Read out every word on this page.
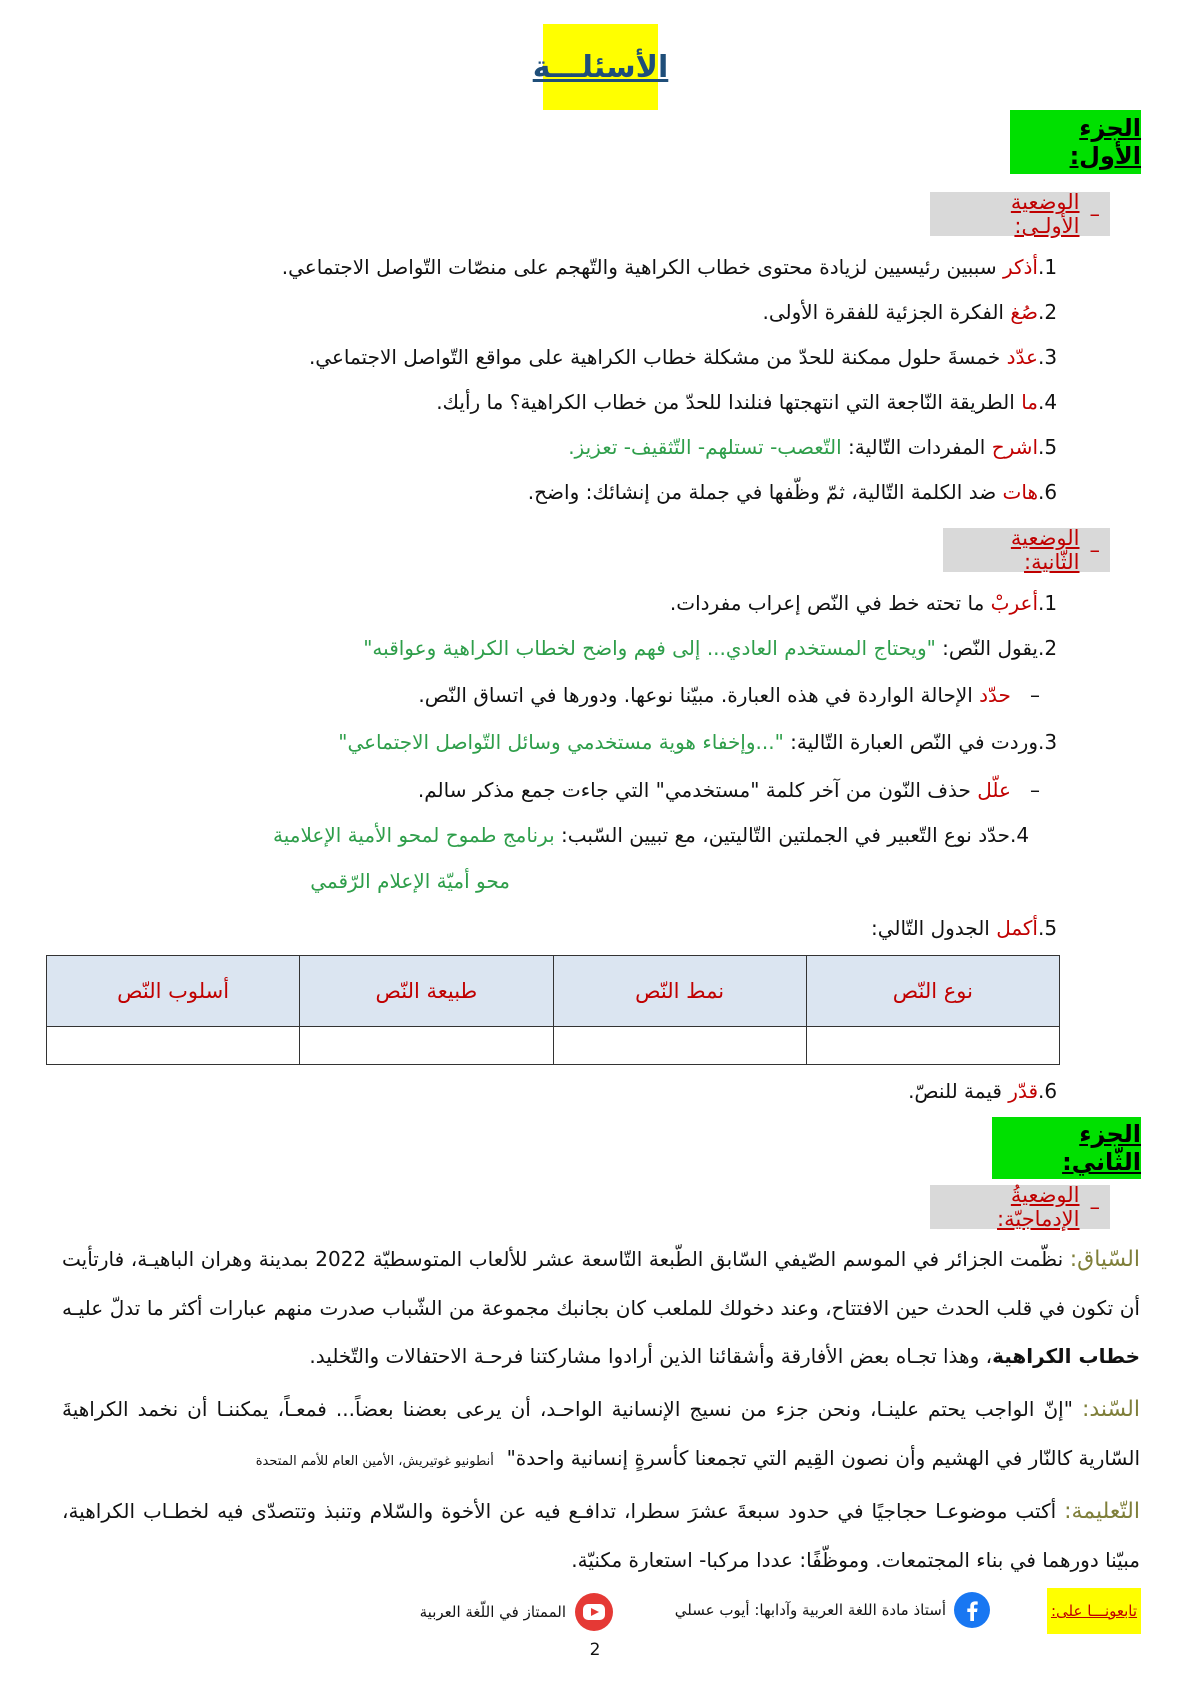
الأسئلـــة
الجزء الأول:
–
الوضعية الأولـى:
1.أذكر سببين رئيسيين لزيادة محتوى خطاب الكراهية والتّهجم على منصّات التّواصل الاجتماعي.
2.صُغ الفكرة الجزئية للفقرة الأولى.
3.عدّد خمسةَ حلول ممكنة للحدّ من مشكلة خطاب الكراهية على مواقع التّواصل الاجتماعي.
4.ما الطريقة النّاجعة التي انتهجتها فنلندا للحدّ من خطاب الكراهية؟ ما رأيك.
5.اشرح المفردات التّالية: التّعصب- تستلهم- التّثقيف- تعزيز.
6.هات ضد الكلمة التّالية، ثمّ وظّفها في جملة من إنشائك: واضح.
–
الوضعية الثّانية:
1.أعربْ ما تحته خط في النّص إعراب مفردات.
2.يقول النّص: "ويحتاج المستخدم العادي... إلى فهم واضح لخطاب الكراهية وعواقبه"
–   حدّد الإحالة الواردة في هذه العبارة. مبيّنا نوعها. ودورها في اتساق النّص.
3.وردت في النّص العبارة التّالية: "...وإخفاء هوية مستخدمي وسائل التّواصل الاجتماعي"
–   علّل حذف النّون من آخر كلمة "مستخدمي" التي جاءت جمع مذكر سالم.
4.حدّد نوع التّعبير في الجملتين التّاليتين، مع تبيين السّبب: برنامج طموح لمحو الأمية الإعلامية
محو أميّة الإعلام الرّقمي
5.أكمل الجدول التّالي:
نوع النّص	نمط النّص	طبيعة النّص	أسلوب النّص

6.قدّر قيمة للنصّ.
الجزء الثّاني:
–
الوضعيةُ الإدماجيّة:
السّياق: نظّمت الجزائر في الموسم الصّيفي السّابق الطّبعة التّاسعة عشر للألعاب المتوسطيّة 2022 بمدينة وهران الباهيـة، فارتأيت أن تكون في قلب الحدث حين الافتتاح، وعند دخولك للملعب كان بجانبك مجموعة من الشّباب صدرت منهم عبارات أكثر ما تدلّ عليـه خطاب الكراهية، وهذا تجـاه بعض الأفارقة وأشقائنا الذين أرادوا مشاركتنا فرحـة الاحتفالات والتّخليد.
السّند: "إنّ الواجب يحتم علينـا، ونحن جزء من نسيج الإنسانية الواحـد، أن يرعى بعضنا بعضاً... فمعـاً، يمكننـا أن نخمد الكراهيةَ السّارية كالنّار في الهشيم وأن نصون القِيم التي تجمعنا كأسرةٍ إنسانية واحدة"  أنطونيو غوتيريش، الأمين العام للأمم المتحدة
التّعليمة: أكتب موضوعـا حجاجيًا في حدود سبعةَ عشرَ سطرا، تدافـع فيه عن الأخوة والسّلام وتنبذ وتتصدّى فيه لخطـاب الكراهية، مبيّنا دورهما في بناء المجتمعات. وموظّفًا: عددا مركبا- استعارة مكنيّة.
تابعونـــا على:
أستاذ مادة اللغة العربية وآدابها: أيوب عسلي
الممتاز في اللّغة العربية
2
